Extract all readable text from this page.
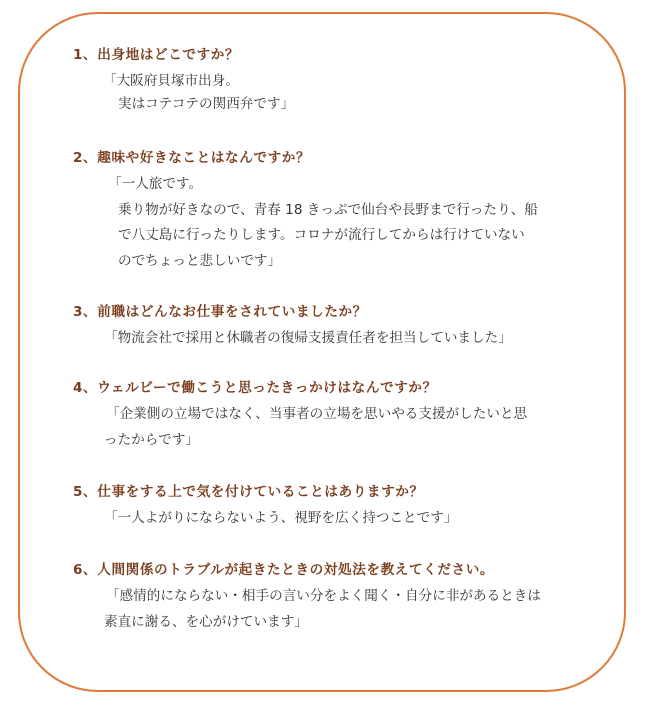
1、出身地はどこですか？
「大阪府貝塚市出身。
実はコテコテの関西弁です」
2、趣味や好きなことはなんですか？
「一人旅です。
乗り物が好きなので、青春 18 きっぷで仙台や長野まで行ったり、船
で八丈島に行ったりします。コロナが流行してからは行けていない
のでちょっと悲しいです」
3、前職はどんなお仕事をされていましたか？
「物流会社で採用と休職者の復帰支援責任者を担当していました」
4、ウェルビーで働こうと思ったきっかけはなんですか？
「企業側の立場ではなく、当事者の立場を思いやる支援がしたいと思
ったからです」
5、仕事をする上で気を付けていることはありますか？
「一人よがりにならないよう、視野を広く持つことです」
6、人間関係のトラブルが起きたときの対処法を教えてください。
「感情的にならない・相手の言い分をよく聞く・自分に非があるときは
素直に謝る、を心がけています」
